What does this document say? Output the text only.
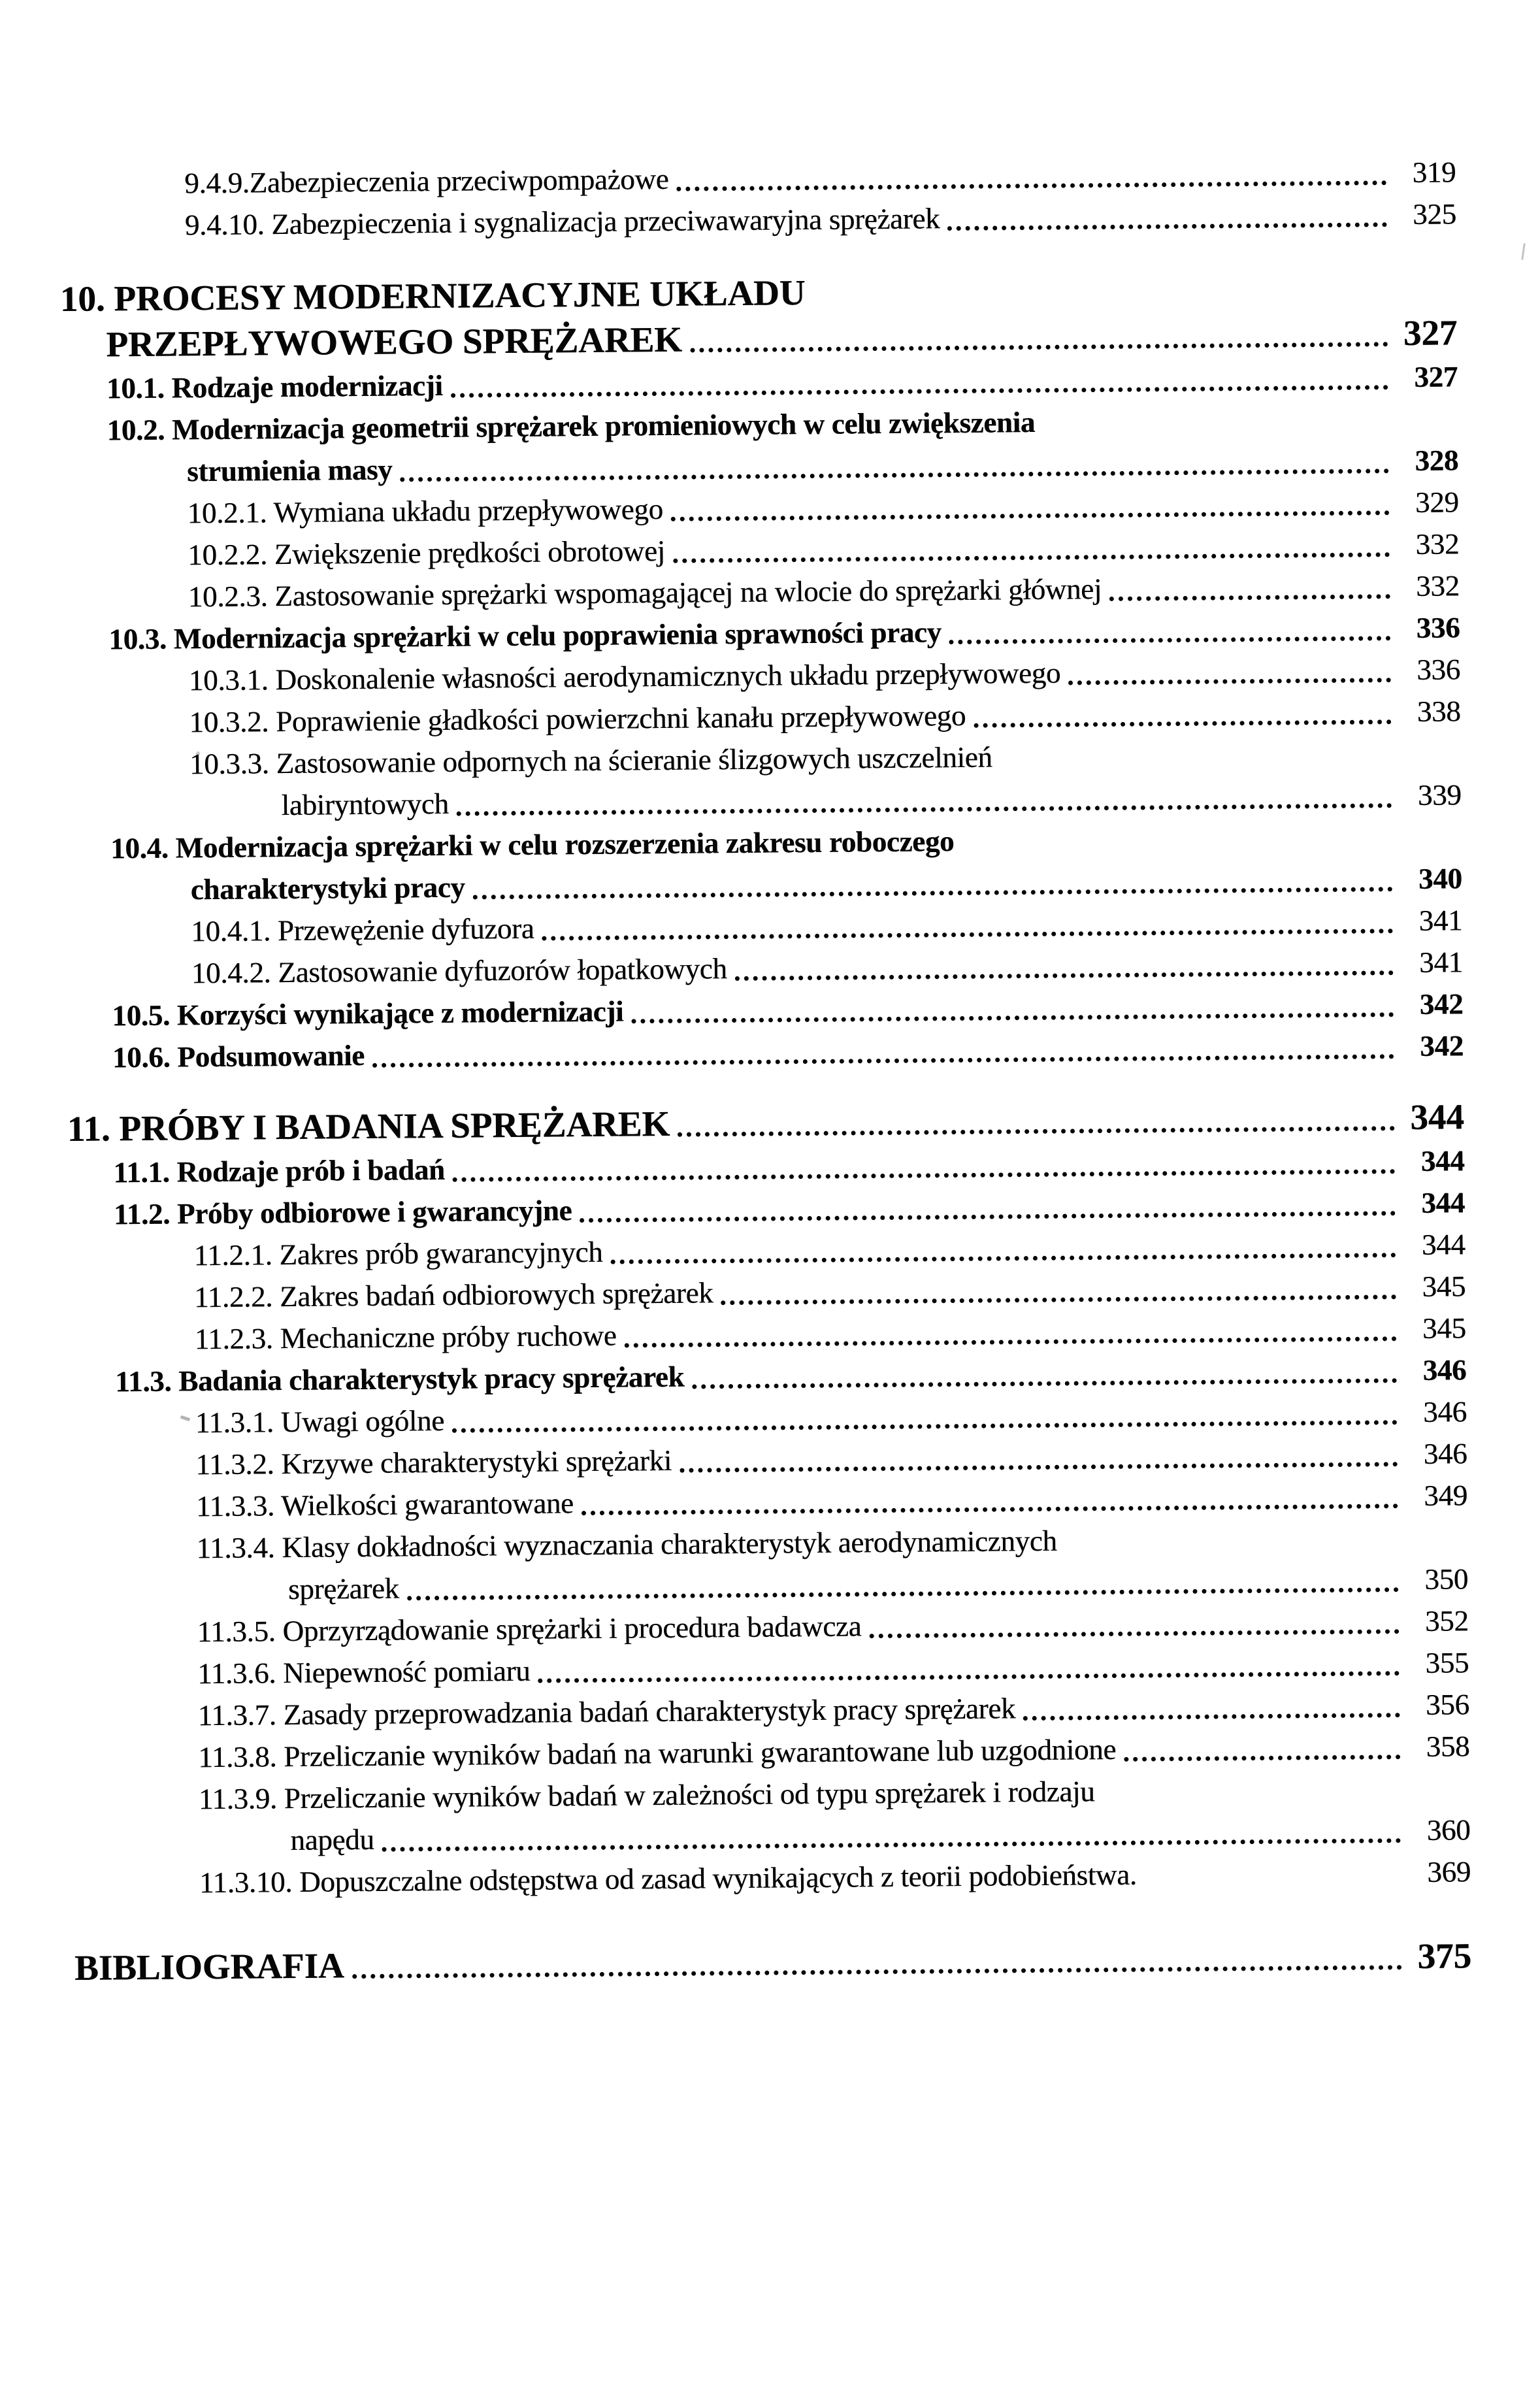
9.4.9.Zabezpieczenia przeciwpompażowe	319
9.4.10. Zabezpieczenia i sygnalizacja przeciwawaryjna sprężarek	325
10. PROCESY MODERNIZACYJNE UKŁADU
PRZEPŁYWOWEGO SPRĘŻAREK	327
10.1. Rodzaje modernizacji	327
10.2. Modernizacja geometrii sprężarek promieniowych w celu zwiększenia
strumienia masy	328
10.2.1. Wymiana układu przepływowego	329
10.2.2. Zwiększenie prędkości obrotowej	332
10.2.3. Zastosowanie sprężarki wspomagającej na wlocie do sprężarki głównej	332
10.3. Modernizacja sprężarki w celu poprawienia sprawności pracy	336
10.3.1. Doskonalenie własności aerodynamicznych układu przepływowego	336
10.3.2. Poprawienie gładkości powierzchni kanału przepływowego	338
10.3.3. Zastosowanie odpornych na ścieranie ślizgowych uszczelnień
labiryntowych	339
10.4. Modernizacja sprężarki w celu rozszerzenia zakresu roboczego
charakterystyki pracy	340
10.4.1. Przewężenie dyfuzora	341
10.4.2. Zastosowanie dyfuzorów łopatkowych	341
10.5. Korzyści wynikające z modernizacji	342
10.6. Podsumowanie	342
11. PRÓBY I BADANIA SPRĘŻAREK	344
11.1. Rodzaje prób i badań	344
11.2. Próby odbiorowe i gwarancyjne	344
11.2.1. Zakres prób gwarancyjnych	344
11.2.2. Zakres badań odbiorowych sprężarek	345
11.2.3. Mechaniczne próby ruchowe	345
11.3. Badania charakterystyk pracy sprężarek	346
11.3.1. Uwagi ogólne	346
11.3.2. Krzywe charakterystyki sprężarki	346
11.3.3. Wielkości gwarantowane	349
11.3.4. Klasy dokładności wyznaczania charakterystyk aerodynamicznych
sprężarek	350
11.3.5. Oprzyrządowanie sprężarki i procedura badawcza	352
11.3.6. Niepewność pomiaru	355
11.3.7. Zasady przeprowadzania badań charakterystyk pracy sprężarek	356
11.3.8. Przeliczanie wyników badań na warunki gwarantowane lub uzgodnione	358
11.3.9. Przeliczanie wyników badań w zależności od typu sprężarek i rodzaju
napędu	360
11.3.10. Dopuszczalne odstępstwa od zasad wynikających z teorii podobieństwa.	369
BIBLIOGRAFIA	375
